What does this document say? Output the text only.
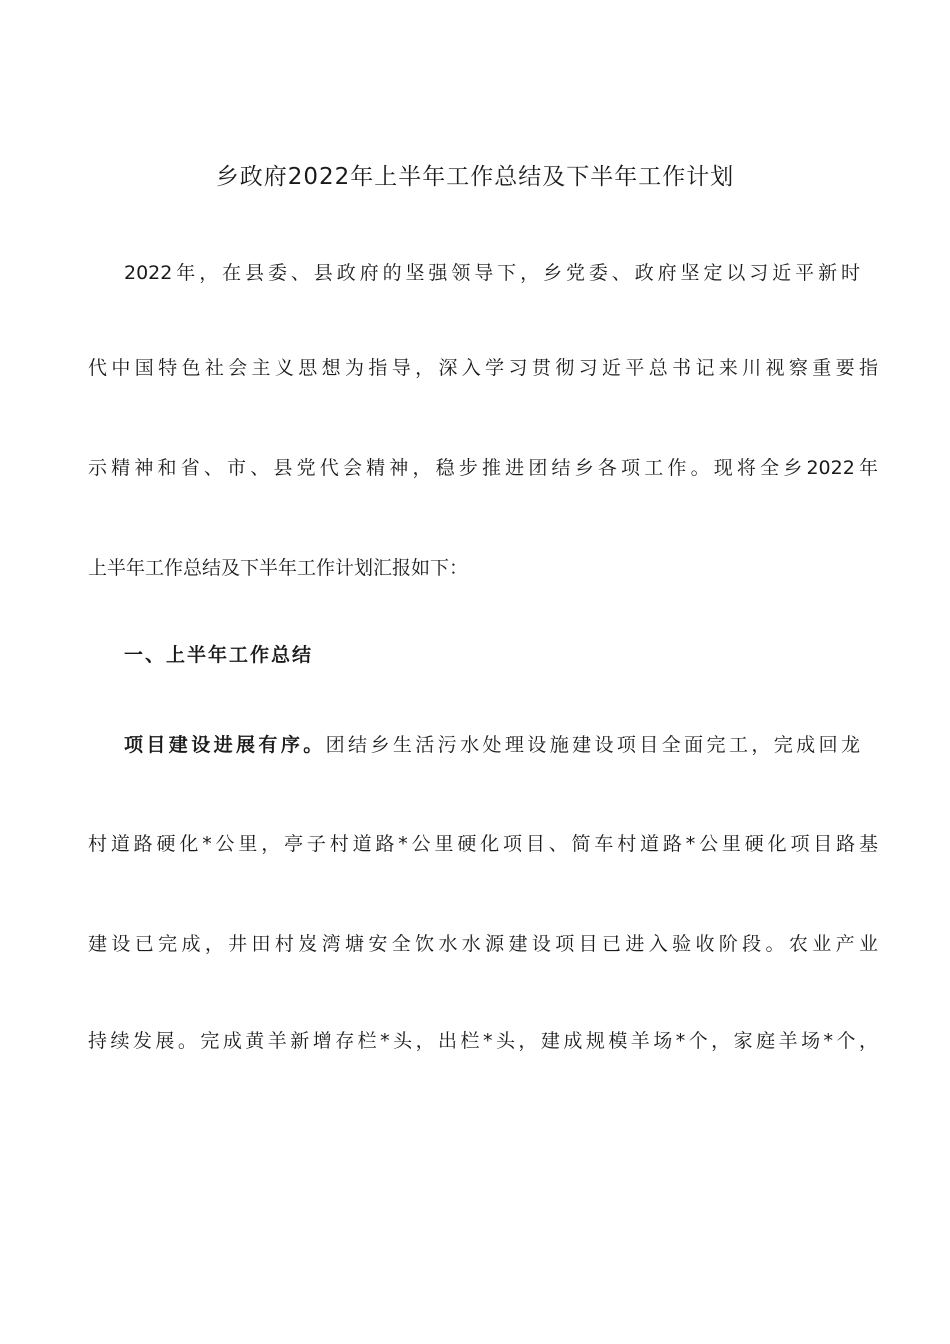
乡政府2022年上半年工作总结及下半年工作计划
2022年，在县委、县政府的坚强领导下，乡党委、政府坚定以习近平新时
代中国特色社会主义思想为指导，深入学习贯彻习近平总书记来川视察重要指
示精神和省、市、县党代会精神，稳步推进团结乡各项工作。现将全乡2022年
上半年工作总结及下半年工作计划汇报如下：
一、上半年工作总结
项目建设进展有序。团结乡生活污水处理设施建设项目全面完工，完成回龙
村道路硬化*公里，亭子村道路*公里硬化项目、简车村道路*公里硬化项目路基
建设已完成，井田村岌湾塘安全饮水水源建设项目已进入验收阶段。农业产业
持续发展。完成黄羊新增存栏*头，出栏*头，建成规模羊场*个，家庭羊场*个，
